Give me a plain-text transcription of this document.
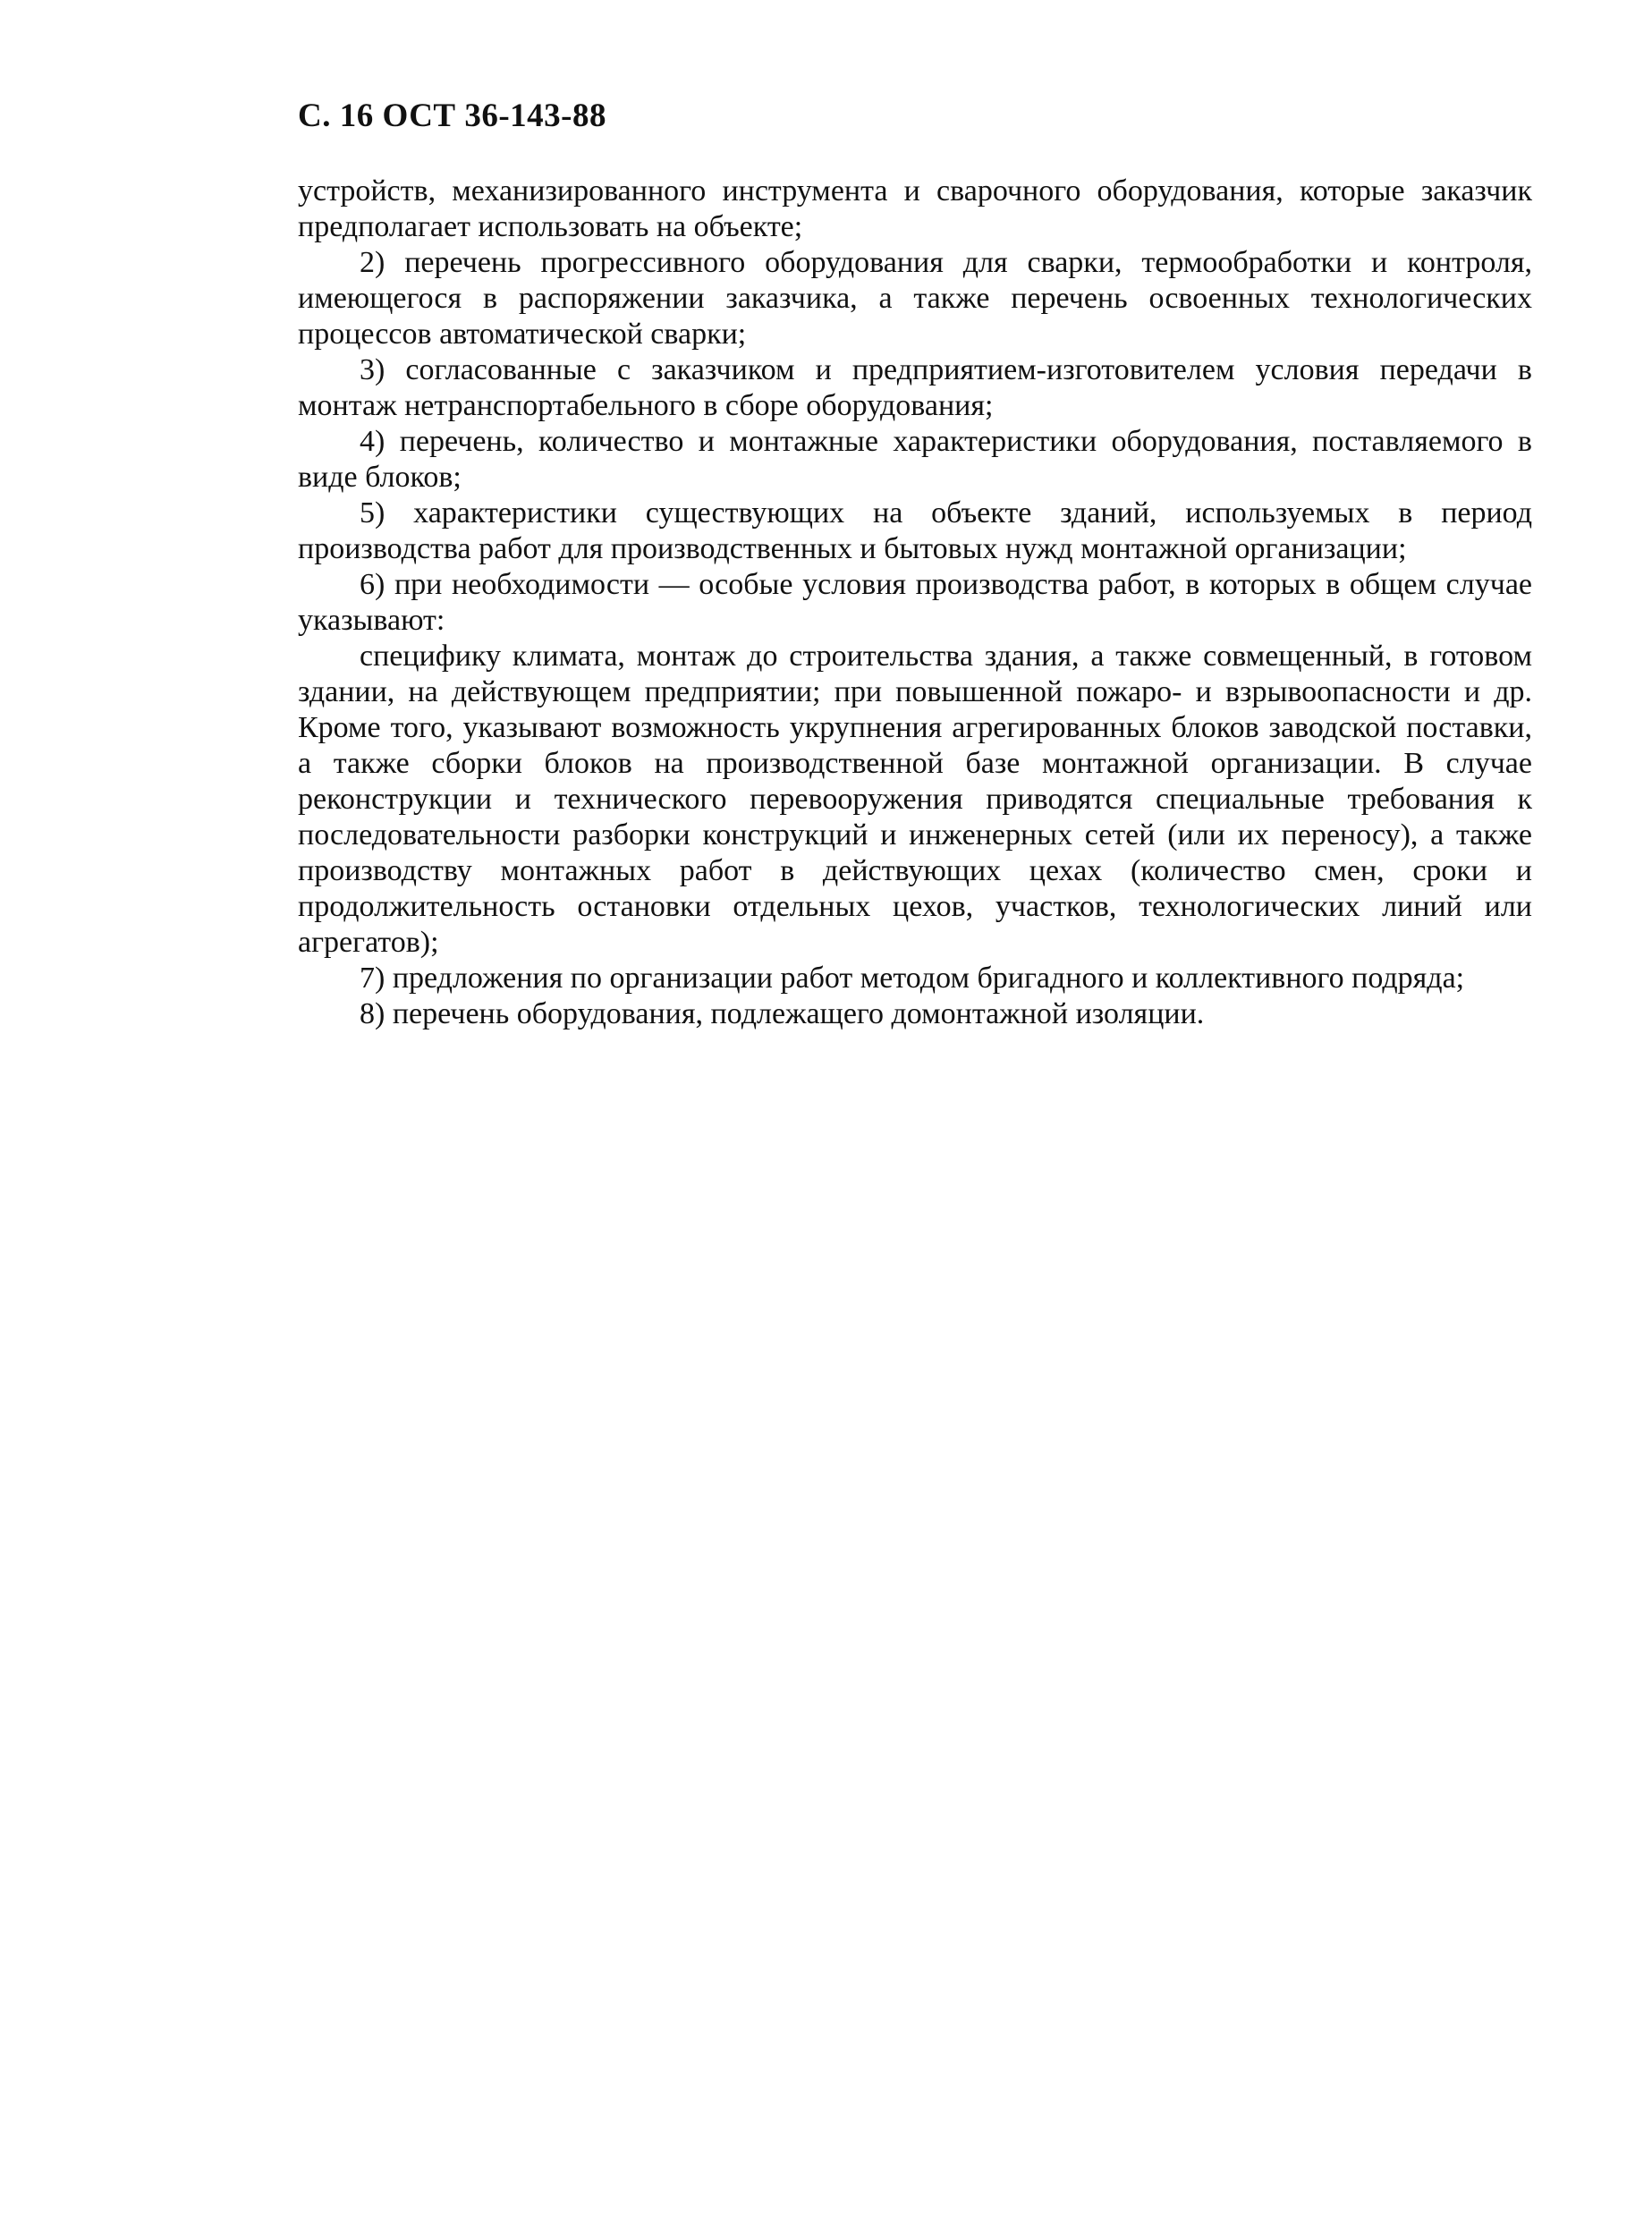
С. 16 ОСТ 36-143-88

устройств, механизированного инструмента и сварочного оборудования, которые заказчик предполагает использовать на объекте;

2) перечень прогрессивного оборудования для сварки, термообработки и контроля, имеющегося в распоряжении заказчика, а также перечень освоенных технологических процессов автоматической сварки;

3) согласованные с заказчиком и предприятием-изготовителем условия передачи в монтаж нетранспортабельного в сборе оборудования;

4) перечень, количество и монтажные характеристики оборудования, поставляемого в виде блоков;

5) характеристики существующих на объекте зданий, используемых в период производства работ для производственных и бытовых нужд монтажной организации;

6) при необходимости — особые условия производства работ, в которых в общем случае указывают:

специфику климата, монтаж до строительства здания, а также совмещенный, в готовом здании, на действующем предприятии; при повышенной пожаро- и взрывоопасности и др. Кроме того, указывают возможность укрупнения агрегированных блоков заводской поставки, а также сборки блоков на производственной базе монтажной организации. В случае реконструкции и технического перевооружения приводятся специальные требования к последовательности разборки конструкций и инженерных сетей (или их переносу), а также производству монтажных работ в действующих цехах (количество смен, сроки и продолжительность остановки отдельных цехов, участков, технологических линий или агрегатов);

7) предложения по организации работ методом бригадного и коллективного подряда;

8) перечень оборудования, подлежащего домонтажной изоляции.
